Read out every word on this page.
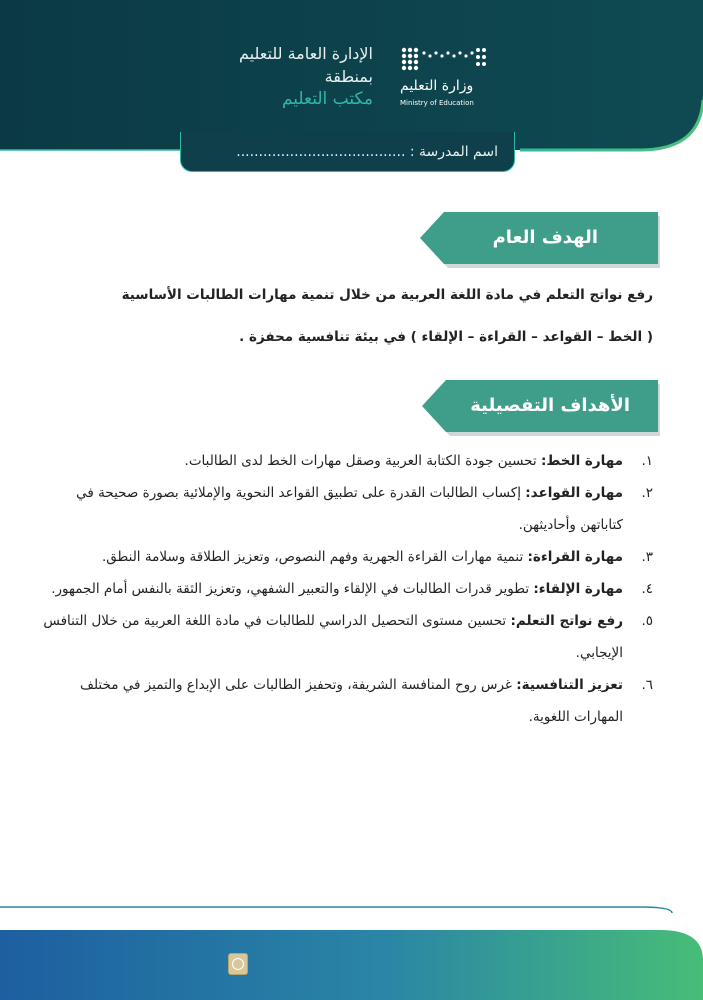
الإدارة العامة للتعليم
بمنطقة
مكتب التعليم
وزارة التعليم
Ministry of Education
اسم المدرسة : ......................................
الهدف العام
رفع نواتج التعلم في مادة اللغة العربية من خلال تنمية مهارات الطالبات الأساسية
( الخط – القواعد – القراءة – الإلقاء ) في بيئة تنافسية محفزة .
الأهداف التفصيلية
١.
مهارة الخط: تحسين جودة الكتابة العربية وصقل مهارات الخط لدى الطالبات.
٢.
مهارة القواعد: إكساب الطالبات القدرة على تطبيق القواعد النحوية والإملائية بصورة صحيحة في كتاباتهن وأحاديثهن.
٣.
مهارة القراءة: تنمية مهارات القراءة الجهرية وفهم النصوص، وتعزيز الطلاقة وسلامة النطق.
٤.
مهارة الإلقاء: تطوير قدرات الطالبات في الإلقاء والتعبير الشفهي، وتعزيز الثقة بالنفس أمام الجمهور.
٥.
رفع نواتج التعلم: تحسين مستوى التحصيل الدراسي للطالبات في مادة اللغة العربية من خلال التنافس الإيجابي.
٦.
تعزيز التنافسية: غرس روح المنافسة الشريفة، وتحفيز الطالبات على الإبداع والتميز في مختلف المهارات اللغوية.
